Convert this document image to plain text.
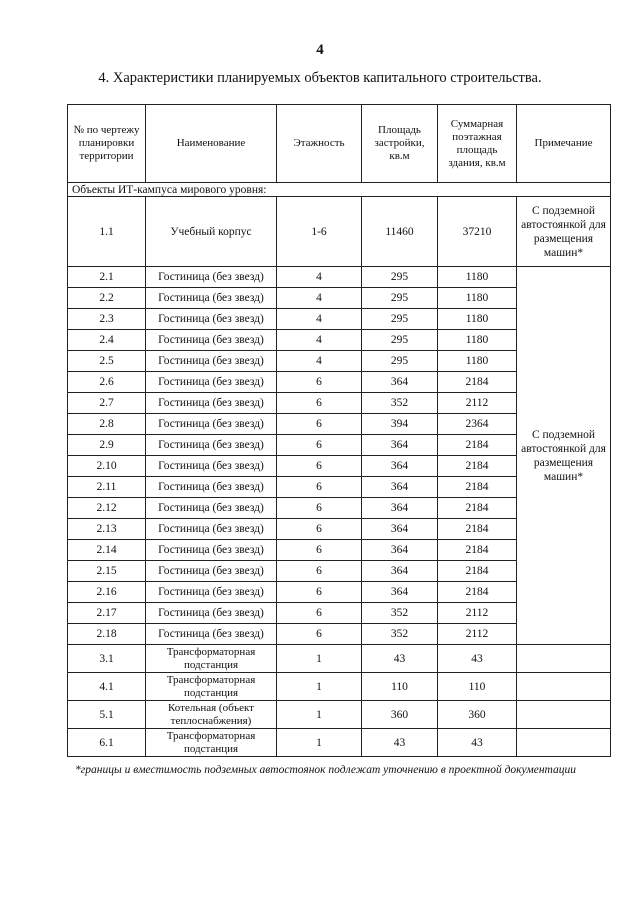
4
4. Характеристики планируемых объектов капитального строительства.
№ по чертежу планировки территории	Наименование	Этажность	Площадь застройки, кв.м	Суммарная поэтажная площадь здания, кв.м	Примечание
Объекты ИТ-кампуса мирового уровня:					
1.1	Учебный корпус	1-6	11460	37210	С подземной автостоянкой для размещения машин*
2.1	Гостиница (без звезд)	4	295	1180	С подземной автостоянкой для размещения машин*
2.2	Гостиница (без звезд)	4	295	1180	
2.3	Гостиница (без звезд)	4	295	1180	
2.4	Гостиница (без звезд)	4	295	1180	
2.5	Гостиница (без звезд)	4	295	1180	
2.6	Гостиница (без звезд)	6	364	2184	
2.7	Гостиница (без звезд)	6	352	2112	
2.8	Гостиница (без звезд)	6	394	2364	
2.9	Гостиница (без звезд)	6	364	2184	
2.10	Гостиница (без звезд)	6	364	2184	
2.11	Гостиница (без звезд)	6	364	2184	
2.12	Гостиница (без звезд)	6	364	2184	
2.13	Гостиница (без звезд)	6	364	2184	
2.14	Гостиница (без звезд)	6	364	2184	
2.15	Гостиница (без звезд)	6	364	2184	
2.16	Гостиница (без звезд)	6	364	2184	
2.17	Гостиница (без звезд)	6	352	2112	
2.18	Гостиница (без звезд)	6	352	2112	
3.1	Трансформаторная подстанция	1	43	43	
4.1	Трансформаторная подстанция	1	110	110	
5.1	Котельная (объект теплоснабжения)	1	360	360	
6.1	Трансформаторная подстанция	1	43	43	
*границы и вместимость подземных автостоянок подлежат уточнению в проектной документации
